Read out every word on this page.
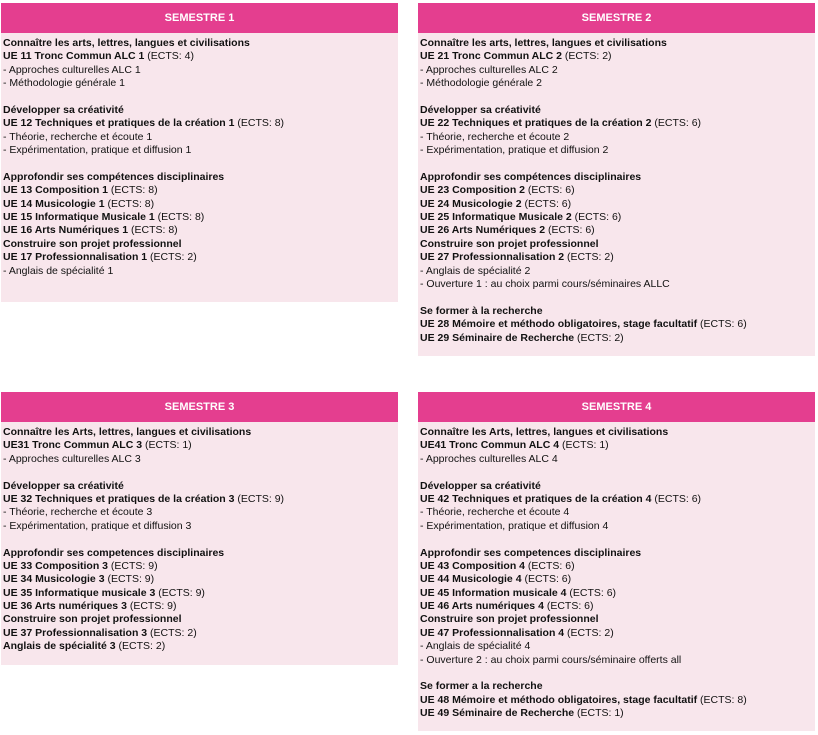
SEMESTRE 1
Connaître les arts, lettres, langues et civilisations
UE 11 Tronc Commun ALC 1 (ECTS: 4)
- Approches culturelles ALC 1
- Méthodologie générale 1
Développer sa créativité
UE 12 Techniques et pratiques de la création 1 (ECTS: 8)
- Théorie, recherche et écoute 1
- Expérimentation, pratique et diffusion 1
Approfondir ses compétences disciplinaires
UE 13 Composition 1 (ECTS: 8)
UE 14 Musicologie 1 (ECTS: 8)
UE 15 Informatique Musicale 1 (ECTS: 8)
UE 16 Arts Numériques 1 (ECTS: 8)
Construire son projet professionnel
UE 17 Professionnalisation 1 (ECTS: 2)
- Anglais de spécialité 1
SEMESTRE 2
Connaître les arts, lettres, langues et civilisations
UE 21 Tronc Commun ALC 2 (ECTS: 2)
- Approches culturelles ALC 2
- Méthodologie générale 2
Développer sa créativité
UE 22 Techniques et pratiques de la création 2 (ECTS: 6)
- Théorie, recherche et écoute 2
- Expérimentation, pratique et diffusion 2
Approfondir ses compétences disciplinaires
UE 23 Composition 2 (ECTS: 6)
UE 24 Musicologie 2 (ECTS: 6)
UE 25 Informatique Musicale 2 (ECTS: 6)
UE 26 Arts Numériques 2 (ECTS: 6)
Construire son projet professionnel
UE 27 Professionnalisation 2 (ECTS: 2)
- Anglais de spécialité 2
- Ouverture 1 : au choix parmi cours/séminaires ALLC
Se former à la recherche
UE 28 Mémoire et méthodo obligatoires, stage facultatif (ECTS: 6)
UE 29 Séminaire de Recherche (ECTS: 2)
SEMESTRE 3
Connaître les Arts, lettres, langues et civilisations
UE31 Tronc Commun ALC 3 (ECTS: 1)
- Approches culturelles ALC 3
Développer sa créativité
UE 32 Techniques et pratiques de la création 3 (ECTS: 9)
- Théorie, recherche et écoute 3
- Expérimentation, pratique et diffusion 3
Approfondir ses competences disciplinaires
UE 33 Composition 3 (ECTS: 9)
UE 34 Musicologie 3 (ECTS: 9)
UE 35 Informatique musicale 3 (ECTS: 9)
UE 36 Arts numériques 3 (ECTS: 9)
Construire son projet professionnel
UE 37 Professionnalisation 3 (ECTS: 2)
Anglais de spécialité 3 (ECTS: 2)
SEMESTRE 4
Connaître les Arts, lettres, langues et civilisations
UE41 Tronc Commun ALC 4 (ECTS: 1)
- Approches culturelles ALC 4
Développer sa créativité
UE 42 Techniques et pratiques de la création 4 (ECTS: 6)
- Théorie, recherche et écoute 4
- Expérimentation, pratique et diffusion 4
Approfondir ses competences disciplinaires
UE 43 Composition 4 (ECTS: 6)
UE 44 Musicologie 4 (ECTS: 6)
UE 45 Information musicale 4 (ECTS: 6)
UE 46 Arts numériques 4 (ECTS: 6)
Construire son projet professionnel
UE 47 Professionnalisation 4 (ECTS: 2)
- Anglais de spécialité 4
- Ouverture 2 : au choix parmi cours/séminaire offerts all
Se former a la recherche
UE 48 Mémoire et méthodo obligatoires, stage facultatif (ECTS: 8)
UE 49 Séminaire de Recherche (ECTS: 1)
